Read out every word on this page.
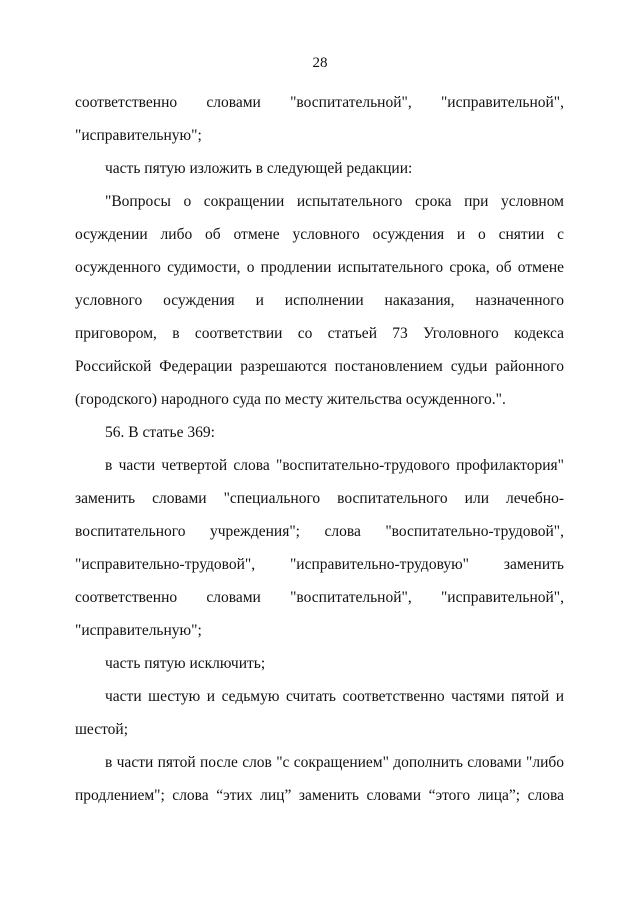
28
соответственно словами "воспитательной", "исправительной",
"исправительную";
часть пятую изложить в следующей редакции:
"Вопросы о сокращении испытательного срока при условном
осуждении либо об отмене условного осуждения и о снятии с
осужденного судимости, о продлении испытательного срока, об отмене
условного осуждения и исполнении наказания, назначенного
приговором, в соответствии со статьей 73 Уголовного кодекса
Российской Федерации разрешаются постановлением судьи районного
(городского) народного суда по месту жительства осужденного.".
56. В статье 369:
в части четвертой слова "воспитательно-трудового профилактория"
заменить словами "специального воспитательного или лечебно-
воспитательного учреждения"; слова "воспитательно-трудовой",
"исправительно-трудовой", "исправительно-трудовую" заменить
соответственно словами "воспитательной", "исправительной",
"исправительную";
часть пятую исключить;
части шестую и седьмую считать соответственно частями пятой и
шестой;
в части пятой после слов "с сокращением" дополнить словами "либо
продлением"; слова “этих лиц” заменить словами “этого лица”; слова
